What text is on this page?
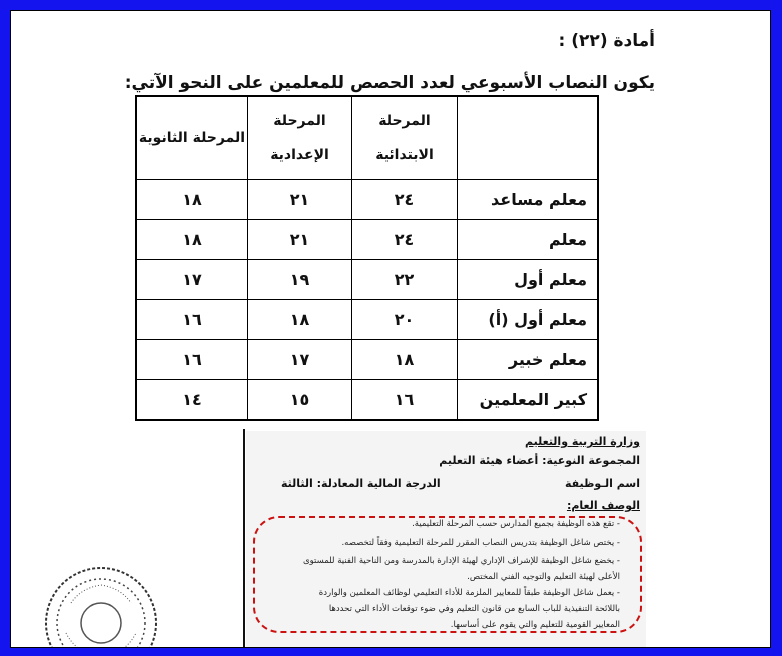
أمادة (٢٢) :
يكون النصاب الأسبوعي لعدد الحصص للمعلمين على النحو الآتي:
	المرحلة الابتدائية	المرحلة الإعدادية	المرحلة الثانوية
معلم مساعد	٢٤	٢١	١٨
معلم	٢٤	٢١	١٨
معلم أول	٢٢	١٩	١٧
معلم أول (أ)	٢٠	١٨	١٦
معلم خبير	١٨	١٧	١٦
كبير المعلمين	١٦	١٥	١٤
وزارة التربية والتعليم
المجموعة النوعية: أعضاء هيئة التعليم
اسم الـوظيفة
الدرجة المالية المعادلة: الثالثة
الوصف العام:
- تقع هذه الوظيفة بجميع المدارس حسب المرحلة التعليمية.
- يختص شاغل الوظيفة بتدريس النصاب المقرر للمرحلة التعليمية وفقاً لتخصصه.
- يخضع شاغل الوظيفة للإشراف الإداري لهيئة الإدارة بالمدرسة ومن الناحية الفنية للمستوى
الأعلى لهيئة التعليم والتوجيه الفني المختص.
- يعمل شاغل الوظيفة طبقاً للمعايير الملزمة للأداء التعليمي لوظائف المعلمين والواردة
باللائحة التنفيذية للباب السابع من قانون التعليم وفي ضوء توقعات الأداء التي تحددها
المعايير القومية للتعليم والتي يقوم على أساسها.
